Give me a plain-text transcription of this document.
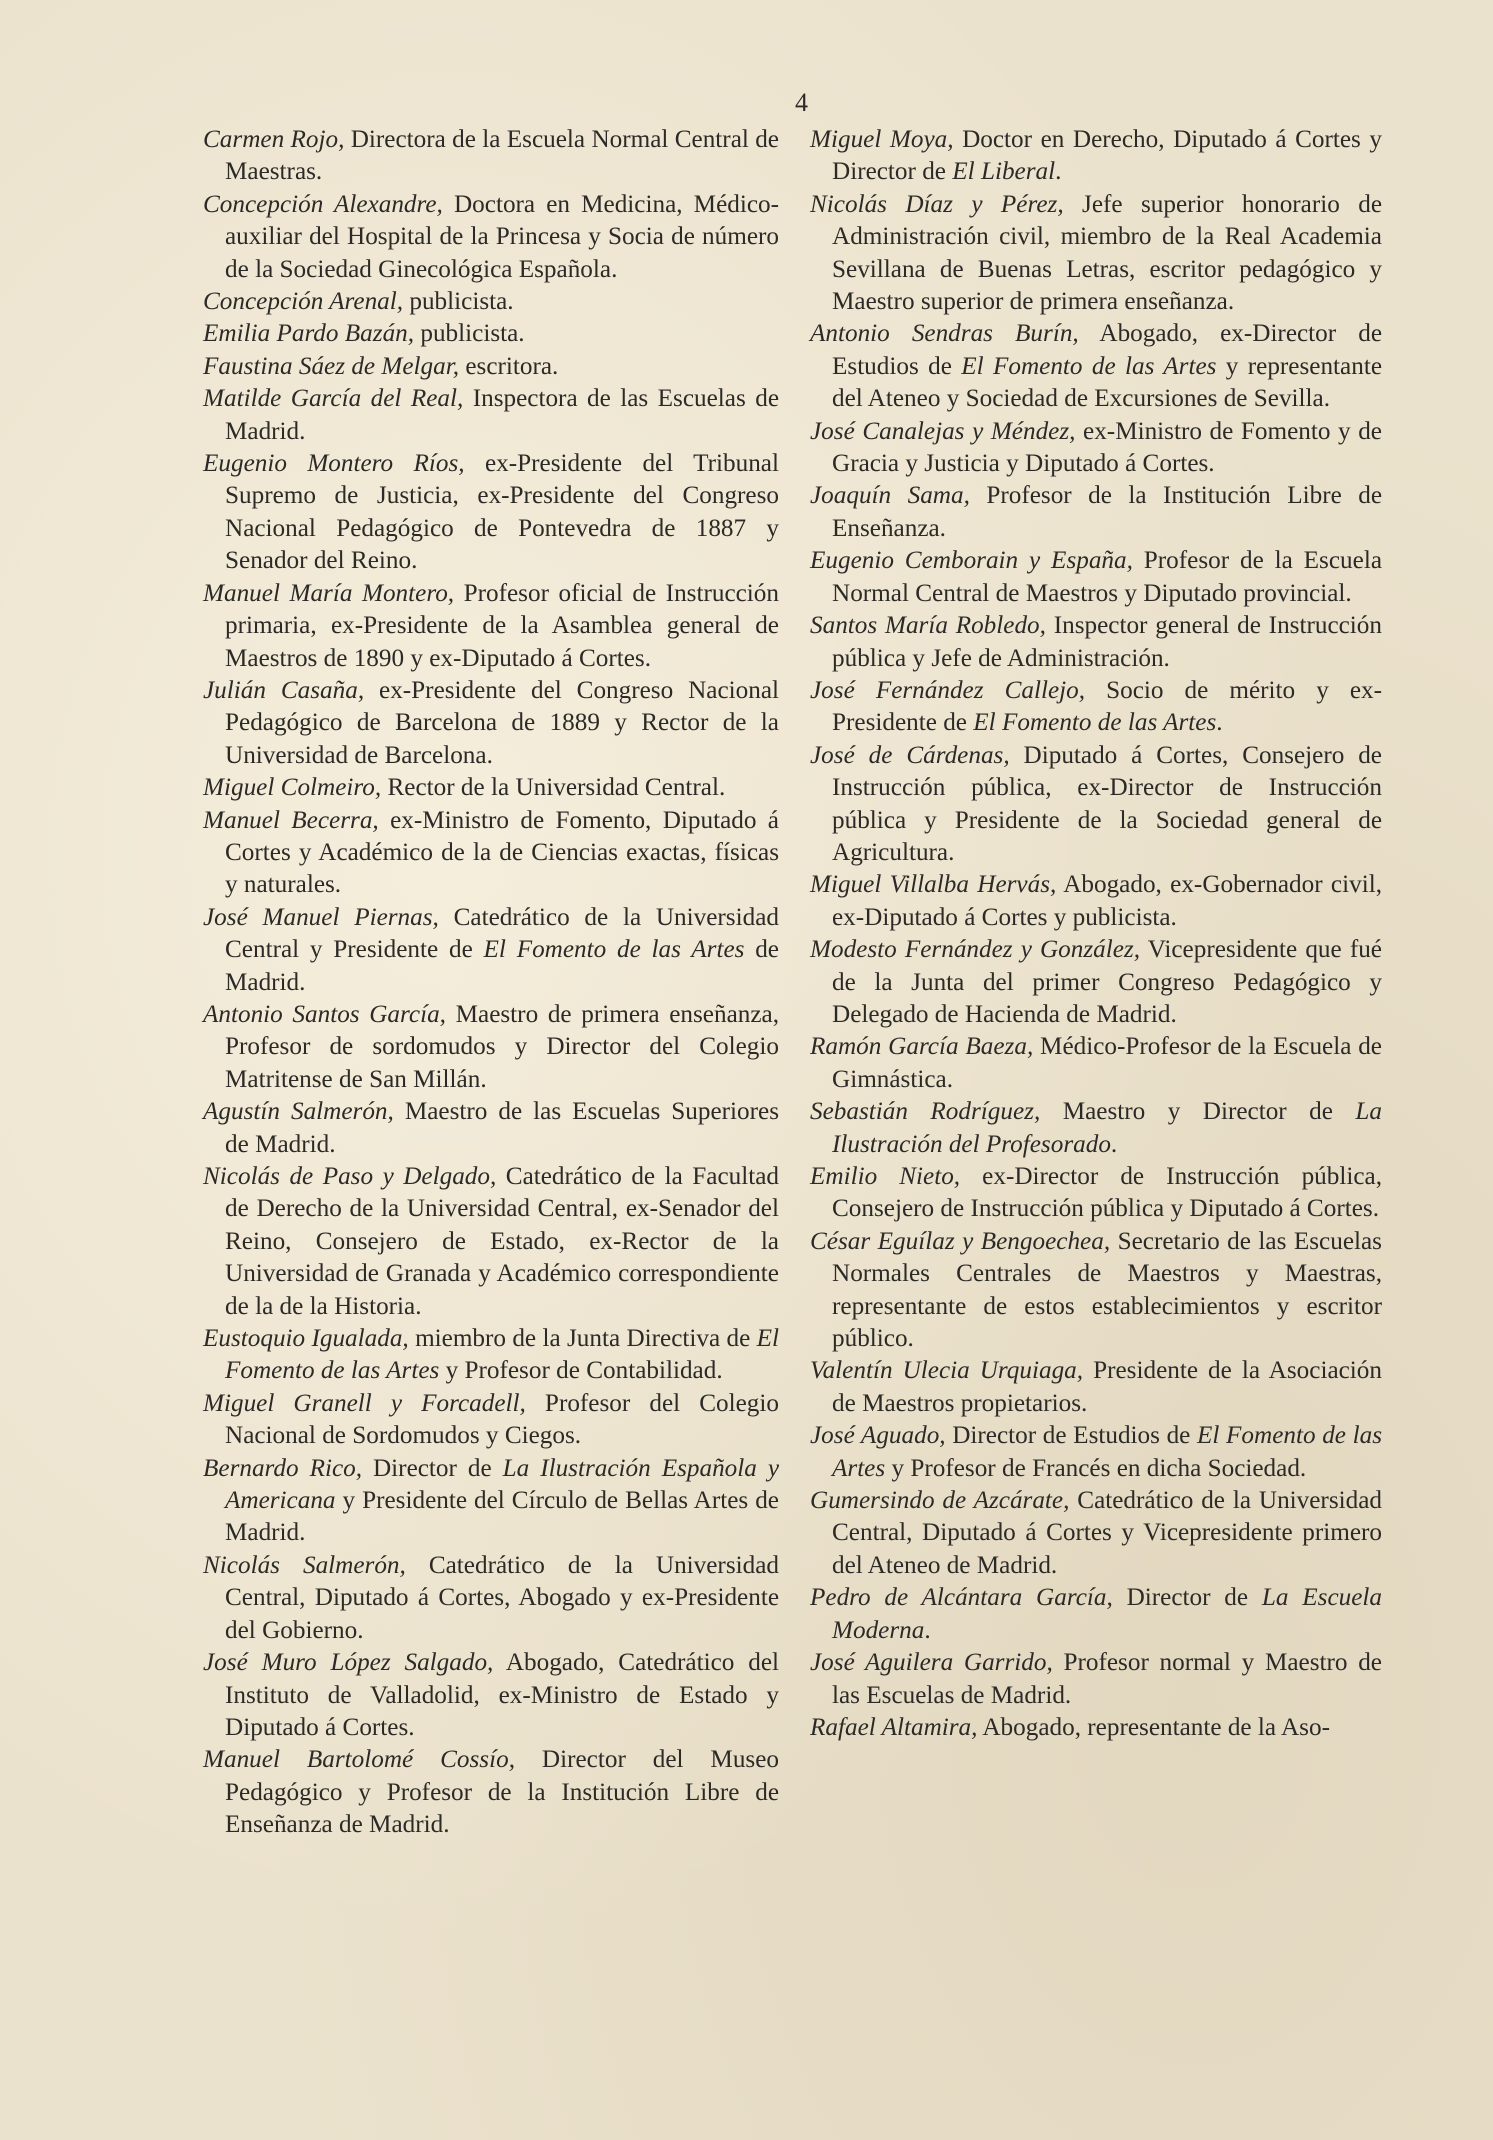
4

Carmen Rojo, Directora de la Escuela Normal Central de Maestras.

Concepción Alexandre, Doctora en Medicina, Médico-auxiliar del Hospital de la Princesa y Socia de número de la Sociedad Ginecológica Española.

Concepción Arenal, publicista.

Emilia Pardo Bazán, publicista.

Faustina Sáez de Melgar, escritora.

Matilde García del Real, Inspectora de las Escuelas de Madrid.

Eugenio Montero Ríos, ex-Presidente del Tribunal Supremo de Justicia, ex-Presidente del Congreso Nacional Pedagógico de Pontevedra de 1887 y Senador del Reino.

Manuel María Montero, Profesor oficial de Instrucción primaria, ex-Presidente de la Asamblea general de Maestros de 1890 y ex-Diputado á Cortes.

Julián Casaña, ex-Presidente del Congreso Nacional Pedagógico de Barcelona de 1889 y Rector de la Universidad de Barcelona.

Miguel Colmeiro, Rector de la Universidad Central.

Manuel Becerra, ex-Ministro de Fomento, Diputado á Cortes y Académico de la de Ciencias exactas, físicas y naturales.

José Manuel Piernas, Catedrático de la Universidad Central y Presidente de El Fomento de las Artes de Madrid.

Antonio Santos García, Maestro de primera enseñanza, Profesor de sordomudos y Director del Colegio Matritense de San Millán.

Agustín Salmerón, Maestro de las Escuelas Superiores de Madrid.

Nicolás de Paso y Delgado, Catedrático de la Facultad de Derecho de la Universidad Central, ex-Senador del Reino, Consejero de Estado, ex-Rector de la Universidad de Granada y Académico correspondiente de la de la Historia.

Eustoquio Igualada, miembro de la Junta Directiva de El Fomento de las Artes y Profesor de Contabilidad.

Miguel Granell y Forcadell, Profesor del Colegio Nacional de Sordomudos y Ciegos.

Bernardo Rico, Director de La Ilustración Española y Americana y Presidente del Círculo de Bellas Artes de Madrid.

Nicolás Salmerón, Catedrático de la Universidad Central, Diputado á Cortes, Abogado y ex-Presidente del Gobierno.

José Muro López Salgado, Abogado, Catedrático del Instituto de Valladolid, ex-Ministro de Estado y Diputado á Cortes.

Manuel Bartolomé Cossío, Director del Museo Pedagógico y Profesor de la Institución Libre de Enseñanza de Madrid.

Miguel Moya, Doctor en Derecho, Diputado á Cortes y Director de El Liberal.

Nicolás Díaz y Pérez, Jefe superior honorario de Administración civil, miembro de la Real Academia Sevillana de Buenas Letras, escritor pedagógico y Maestro superior de primera enseñanza.

Antonio Sendras Burín, Abogado, ex-Director de Estudios de El Fomento de las Artes y representante del Ateneo y Sociedad de Excursiones de Sevilla.

José Canalejas y Méndez, ex-Ministro de Fomento y de Gracia y Justicia y Diputado á Cortes.

Joaquín Sama, Profesor de la Institución Libre de Enseñanza.

Eugenio Cemborain y España, Profesor de la Escuela Normal Central de Maestros y Diputado provincial.

Santos María Robledo, Inspector general de Instrucción pública y Jefe de Administración.

José Fernández Callejo, Socio de mérito y ex-Presidente de El Fomento de las Artes.

José de Cárdenas, Diputado á Cortes, Consejero de Instrucción pública, ex-Director de Instrucción pública y Presidente de la Sociedad general de Agricultura.

Miguel Villalba Hervás, Abogado, ex-Gobernador civil, ex-Diputado á Cortes y publicista.

Modesto Fernández y González, Vicepresidente que fué de la Junta del primer Congreso Pedagógico y Delegado de Hacienda de Madrid.

Ramón García Baeza, Médico-Profesor de la Escuela de Gimnástica.

Sebastián Rodríguez, Maestro y Director de La Ilustración del Profesorado.

Emilio Nieto, ex-Director de Instrucción pública, Consejero de Instrucción pública y Diputado á Cortes.

César Eguílaz y Bengoechea, Secretario de las Escuelas Normales Centrales de Maestros y Maestras, representante de estos establecimientos y escritor público.

Valentín Ulecia Urquiaga, Presidente de la Asociación de Maestros propietarios.

José Aguado, Director de Estudios de El Fomento de las Artes y Profesor de Francés en dicha Sociedad.

Gumersindo de Azcárate, Catedrático de la Universidad Central, Diputado á Cortes y Vicepresidente primero del Ateneo de Madrid.

Pedro de Alcántara García, Director de La Escuela Moderna.

José Aguilera Garrido, Profesor normal y Maestro de las Escuelas de Madrid.

Rafael Altamira, Abogado, representante de la Aso-
